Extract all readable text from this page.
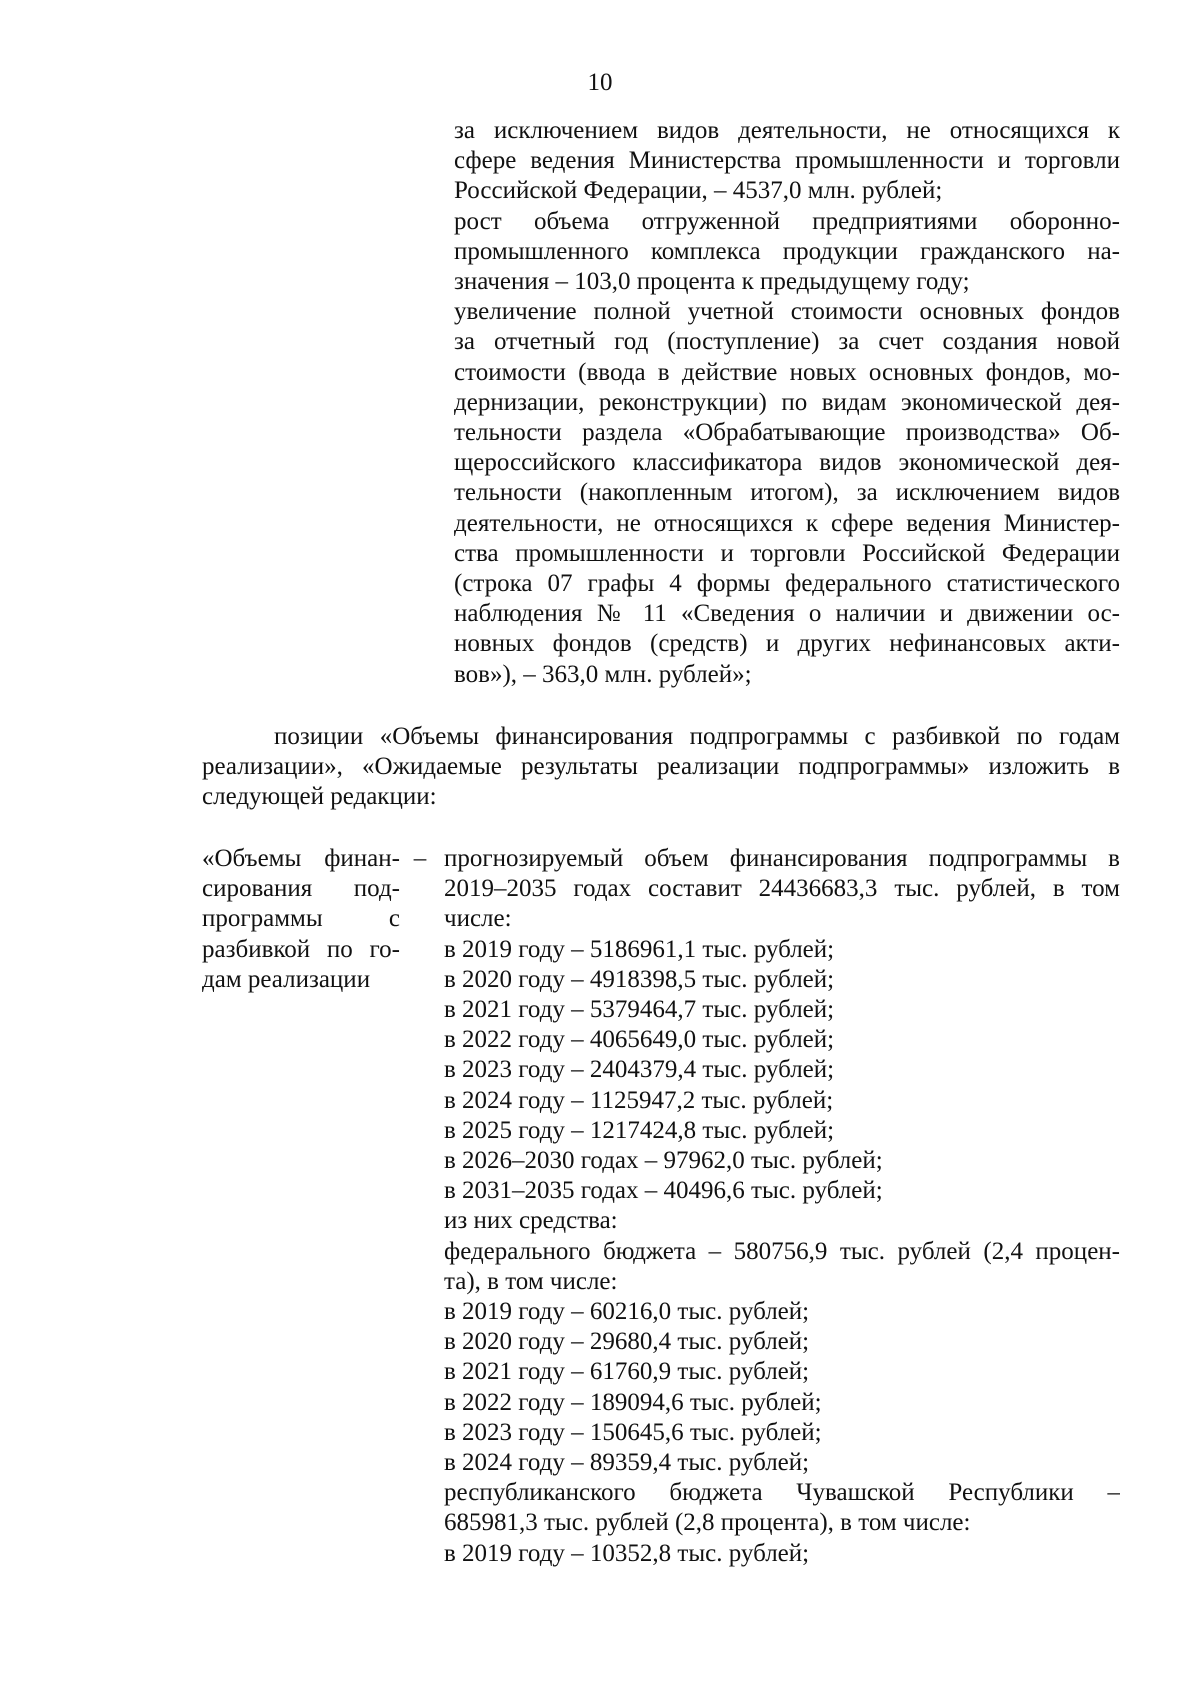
10
за исключением видов деятельности, не относящихся к
сфере ведения Министерства промышленности и торговли
Российской Федерации, – 4537,0 млн. рублей;
рост объема отгруженной предприятиями оборонно-
промышленного комплекса продукции гражданского на-
значения – 103,0 процента к предыдущему году;
увеличение полной учетной стоимости основных фондов
за отчетный год (поступление) за счет создания новой
стоимости (ввода в действие новых основных фондов, мо-
дернизации, реконструкции) по видам экономической дея-
тельности раздела «Обрабатывающие производства» Об-
щероссийского классификатора видов экономической дея-
тельности (накопленным итогом), за исключением видов
деятельности, не относящихся к сфере ведения Министер-
ства промышленности и торговли Российской Федерации
(строка 07 графы 4 формы федерального статистического
наблюдения № 11 «Сведения о наличии и движении ос-
новных фондов (средств) и других нефинансовых акти-
вов»), – 363,0 млн. рублей»;
позиции «Объемы финансирования подпрограммы с разбивкой по годам
реализации», «Ожидаемые результаты реализации подпрограммы» изложить в
следующей редакции:
«Объемы финан-
сирования под-
программы с
разбивкой по го-
дам реализации
– прогнозируемый объем финансирования подпрограммы в
2019–2035 годах составит 24436683,3 тыс. рублей, в том
числе:
в 2019 году – 5186961,1 тыс. рублей;
в 2020 году – 4918398,5 тыс. рублей;
в 2021 году – 5379464,7 тыс. рублей;
в 2022 году – 4065649,0 тыс. рублей;
в 2023 году – 2404379,4 тыс. рублей;
в 2024 году – 1125947,2 тыс. рублей;
в 2025 году – 1217424,8 тыс. рублей;
в 2026–2030 годах – 97962,0 тыс. рублей;
в 2031–2035 годах – 40496,6 тыс. рублей;
из них средства:
федерального бюджета – 580756,9 тыс. рублей (2,4 процен-
та), в том числе:
в 2019 году – 60216,0 тыс. рублей;
в 2020 году – 29680,4 тыс. рублей;
в 2021 году – 61760,9 тыс. рублей;
в 2022 году – 189094,6 тыс. рублей;
в 2023 году – 150645,6 тыс. рублей;
в 2024 году – 89359,4 тыс. рублей;
республиканского бюджета Чувашской Республики –
685981,3 тыс. рублей (2,8 процента), в том числе:
в 2019 году – 10352,8 тыс. рублей;
